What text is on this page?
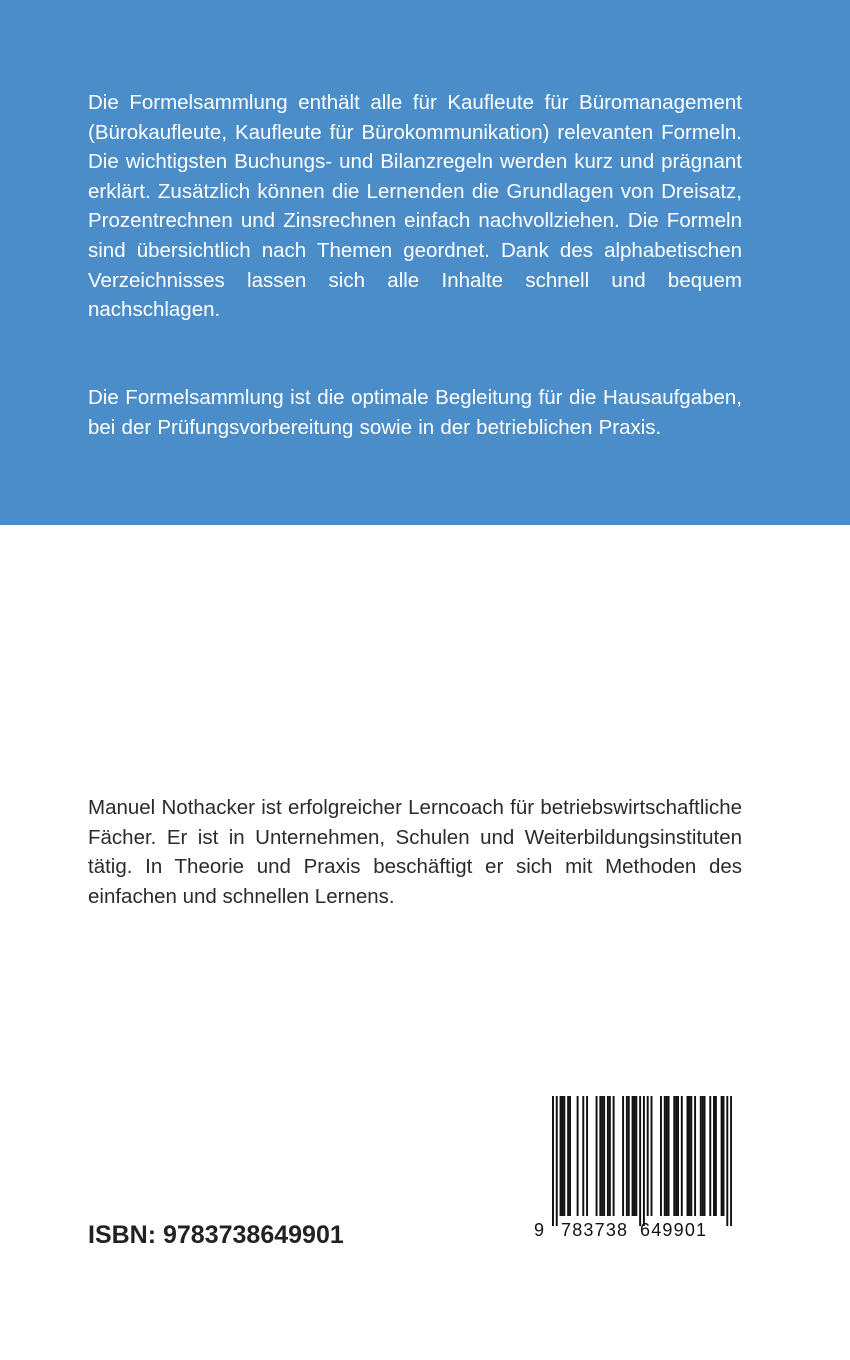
Die Formelsammlung enthält alle für Kaufleute für Büromanagement (Bürokaufleute, Kaufleute für Bürokommunikation) relevanten Formeln. Die wichtigsten Buchungs- und Bilanzregeln werden kurz und prägnant erklärt. Zusätzlich können die Lernenden die Grundlagen von Dreisatz, Prozentrechnen und Zinsrechnen einfach nachvollziehen. Die Formeln sind übersichtlich nach Themen geordnet. Dank des alphabetischen Verzeichnisses lassen sich alle Inhalte schnell und bequem nachschlagen.

Die Formelsammlung ist die optimale Begleitung für die Hausaufgaben, bei der Prüfungsvorbereitung sowie in der betrieblichen Praxis.

Manuel Nothacker ist erfolgreicher Lerncoach für betriebswirtschaftliche Fächer. Er ist in Unternehmen, Schulen und Weiterbildungsinstituten tätig. In Theorie und Praxis beschäftigt er sich mit Methoden des einfachen und schnellen Lernens.

ISBN: 9783738649901	9 783738 649901
